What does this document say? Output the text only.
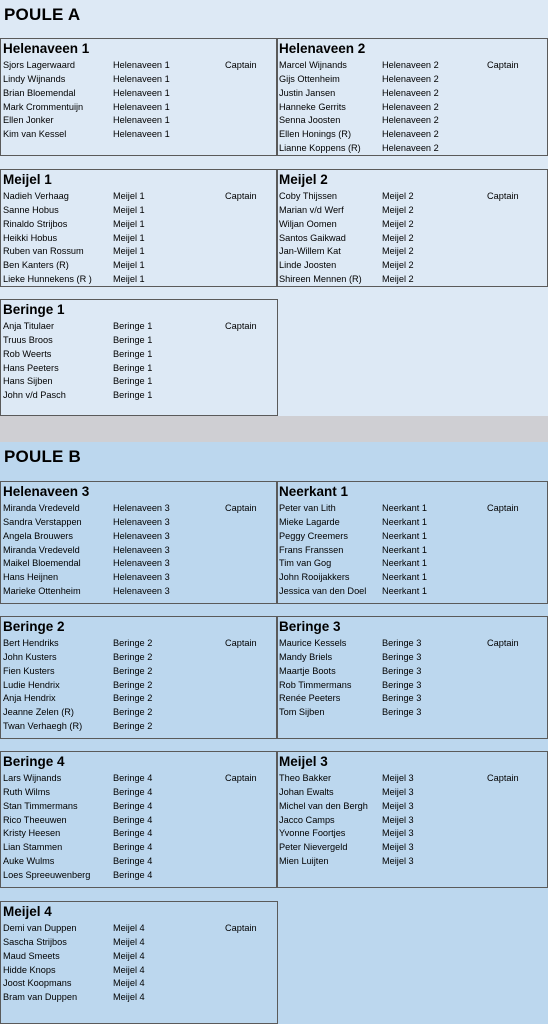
POULE A
POULE B
Helenaveen 1
Sjors Lagerwaard	Helenaveen 1	Captain
Lindy Wijnands	Helenaveen 1
Brian Bloemendal	Helenaveen 1
Mark Crommentuijn	Helenaveen 1
Ellen Jonker	Helenaveen 1
Kim van Kessel	Helenaveen 1
Helenaveen 2
Marcel Wijnands	Helenaveen 2	Captain
Gijs Ottenheim	Helenaveen 2
Justin Jansen	Helenaveen 2
Hanneke Gerrits	Helenaveen 2
Senna Joosten	Helenaveen 2
Ellen Honings (R)	Helenaveen 2
Lianne Koppens (R) Helenaveen 2
Meijel 1
Nadieh Verhaag	Meijel 1	Captain
Sanne Hobus	Meijel 1
Rinaldo Strijbos	Meijel 1
Heikki Hobus	Meijel 1
Ruben van Rossum	Meijel 1
Ben Kanters (R)	Meijel 1
Lieke Hunnekens (R ) Meijel 1
Meijel 2
Coby Thijssen	Meijel 2	Captain
Marian v/d Werf	Meijel 2
Wiljan Oomen	Meijel 2
Santos Gaikwad	Meijel 2
Jan-Willem Kat	Meijel 2
Linde Joosten	Meijel 2
Shireen Mennen (R) Meijel 2
Beringe 1
Anja Titulaer	Beringe 1	Captain
Truus Broos	Beringe 1
Rob Weerts	Beringe 1
Hans Peeters	Beringe 1
Hans Sijben	Beringe 1
John v/d Pasch	Beringe 1
Helenaveen 3
Miranda Vredeveld	Helenaveen 3	Captain
Sandra Verstappen	Helenaveen 3
Angela Brouwers	Helenaveen 3
Miranda Vredeveld	Helenaveen 3
Maikel Bloemendal	Helenaveen 3
Hans Heijnen	Helenaveen 3
Marieke Ottenheim	Helenaveen 3
Neerkant 1
Peter van Lith	Neerkant 1	Captain
Mieke Lagarde	Neerkant 1
Peggy Creemers	Neerkant 1
Frans Franssen	Neerkant 1
Tim van Gog	Neerkant 1
John Rooijakkers	Neerkant 1
Jessica van den Doel Neerkant 1
Beringe 2
Bert Hendriks	Beringe 2	Captain
John Kusters	Beringe 2
Fien Kusters	Beringe 2
Ludie Hendrix	Beringe 2
Anja Hendrix	Beringe 2
Jeanne Zelen (R)	Beringe 2
Twan Verhaegh (R)	Beringe 2
Beringe 3
Maurice Kessels	Beringe 3	Captain
Mandy Briels	Beringe 3
Maartje Boots	Beringe 3
Rob Timmermans	Beringe 3
Renée Peeters	Beringe 3
Tom Sijben	Beringe 3
Beringe 4
Lars Wijnands	Beringe 4	Captain
Ruth Wilms	Beringe 4
Stan Timmermans	Beringe 4
Rico Theeuwen	Beringe 4
Kristy Heesen	Beringe 4
Lian Stammen	Beringe 4
Auke Wulms	Beringe 4
Loes Spreeuwenberg Beringe 4
Meijel 3
Theo Bakker	Meijel 3	Captain
Johan Ewalts	Meijel 3
Michel van den Bergh Meijel 3
Jacco Camps	Meijel 3
Yvonne Foortjes	Meijel 3
Peter Nievergeld	Meijel 3
Mien Luijten	Meijel 3
Meijel 4
Demi van Duppen	Meijel 4	Captain
Sascha Strijbos	Meijel 4
Maud Smeets	Meijel 4
Hidde Knops	Meijel 4
Joost Koopmans	Meijel 4
Bram van Duppen	Meijel 4
